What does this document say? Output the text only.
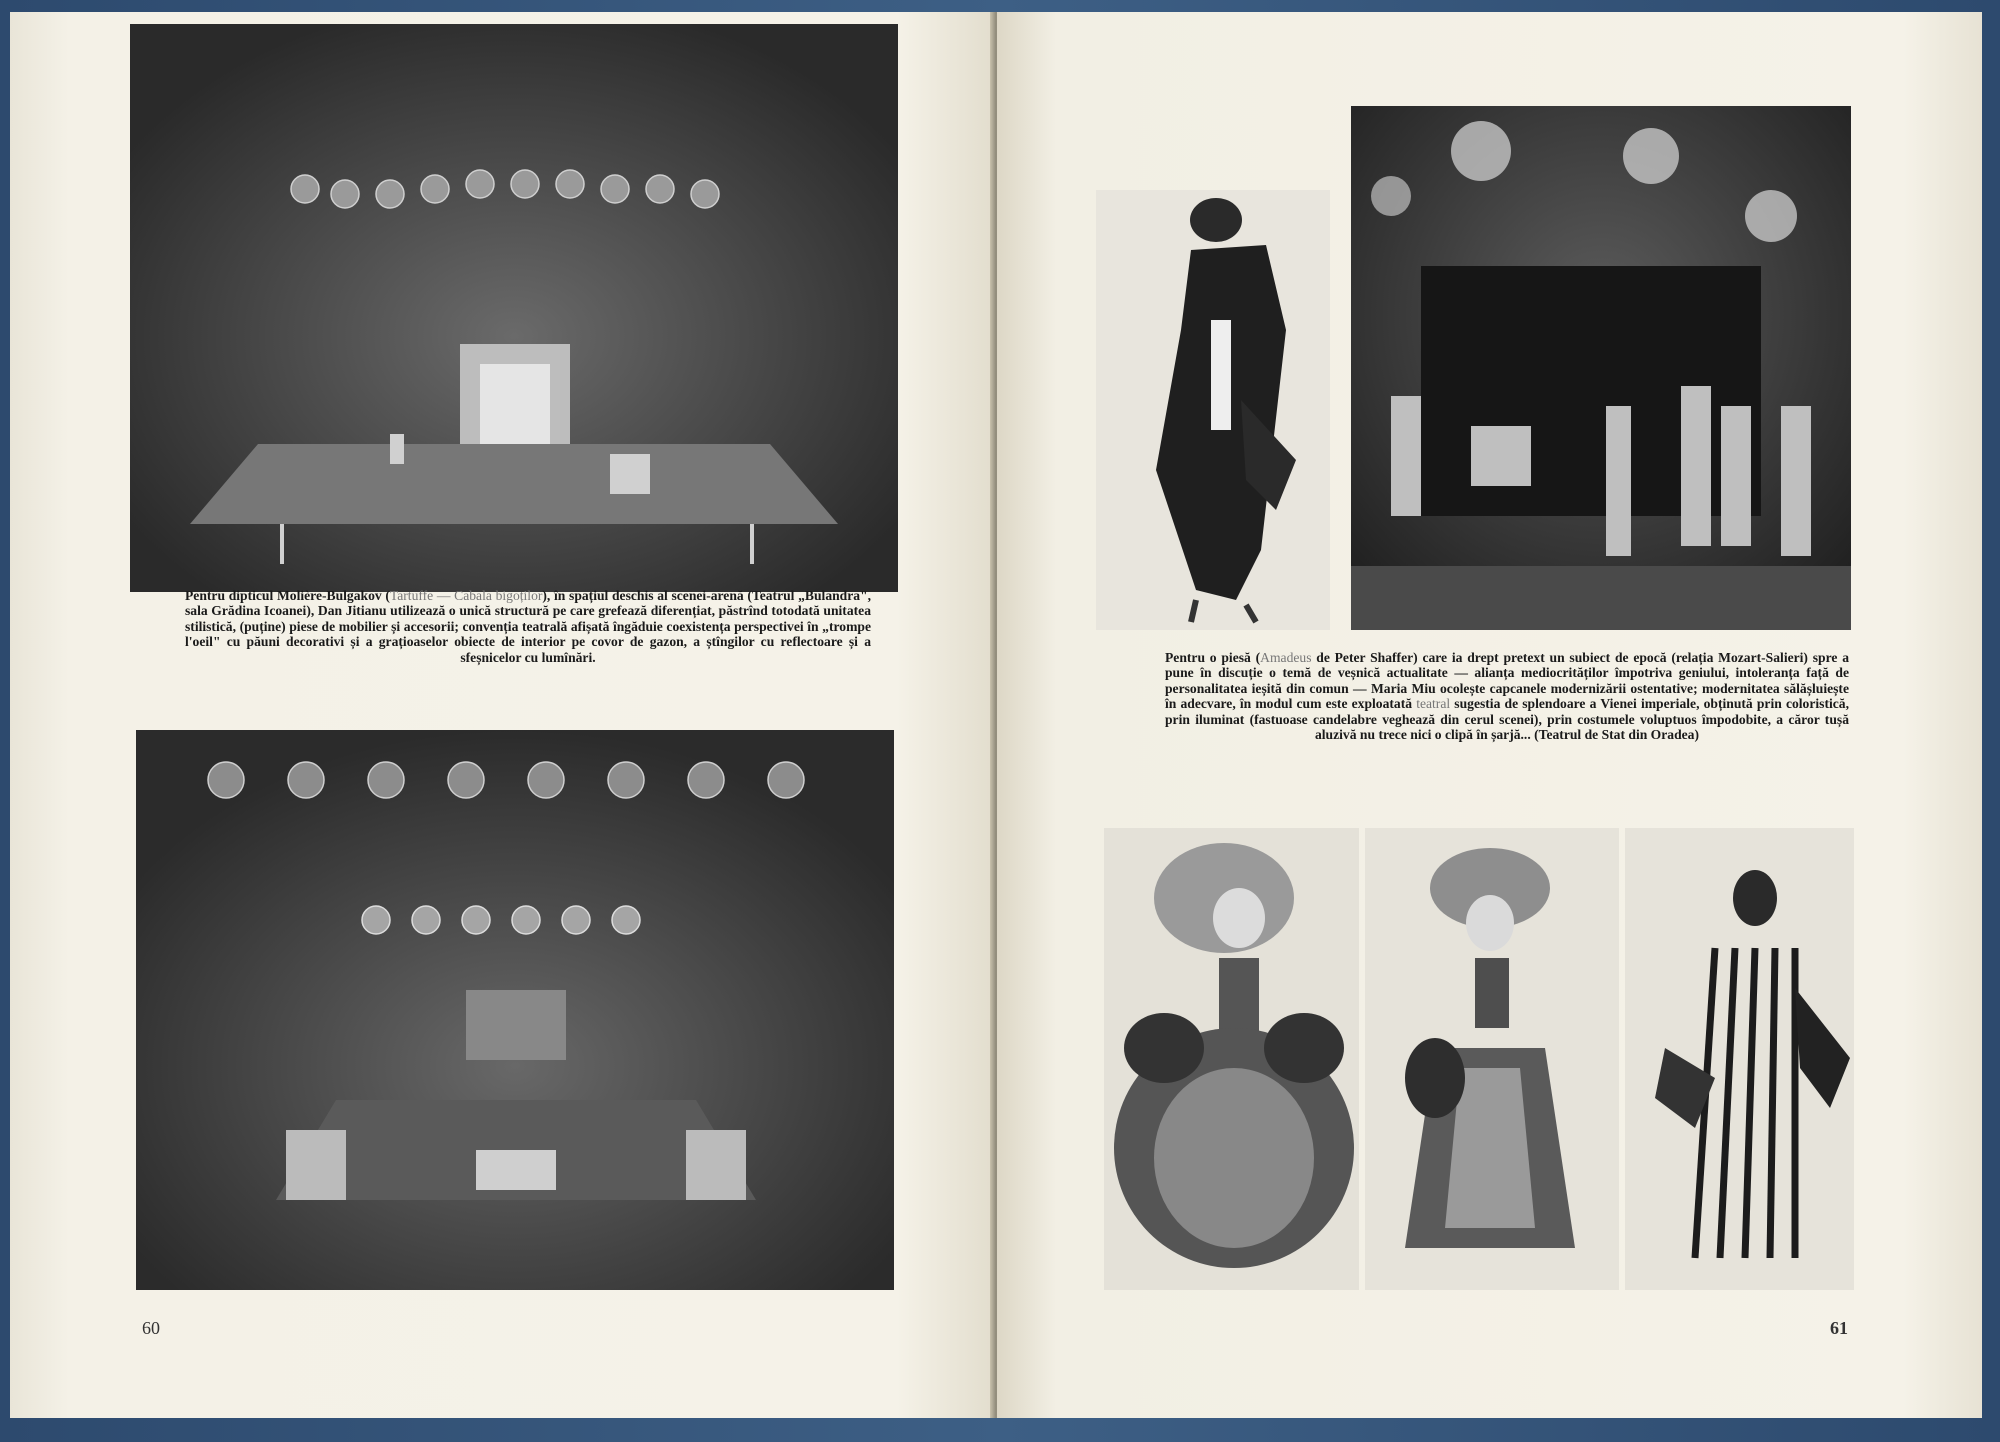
Pentru dipticul Molière-Bulgakov (Tartuffe — Cabala bigoților), în spațiul deschis al scenei-arenă (Teatrul „Bulandra", sala Grădina Icoanei), Dan Jitianu utilizează o unică structură pe care grefează diferențiat, păstrînd totodată unitatea stilistică, (puține) piese de mobilier și accesorii; convenția teatrală afișată îngăduie coexistența perspectivei în „trompe l'oeil" cu păuni decorativi și a grațioaselor obiecte de interior pe covor de gazon, a ștîngilor cu reflectoare și a sfeșnicelor cu lumînări.
60
Pentru o piesă (Amadeus de Peter Shaffer) care ia drept pretext un subiect de epocă (relația Mozart-Salieri) spre a pune în discuție o temă de veșnică actualitate — alianța mediocrităților împotriva geniului, intoleranța față de personalitatea ieșită din comun — Maria Miu ocolește capcanele modernizării ostentative; modernitatea sălășluiește în adecvare, în modul cum este exploatată teatral sugestia de splendoare a Vienei imperiale, obținută prin coloristică, prin iluminat (fastuoase candelabre veghează din cerul scenei), prin costumele voluptuos împodobite, a căror tușă aluzivă nu trece nici o clipă în șarjă... (Teatrul de Stat din Oradea)
61
